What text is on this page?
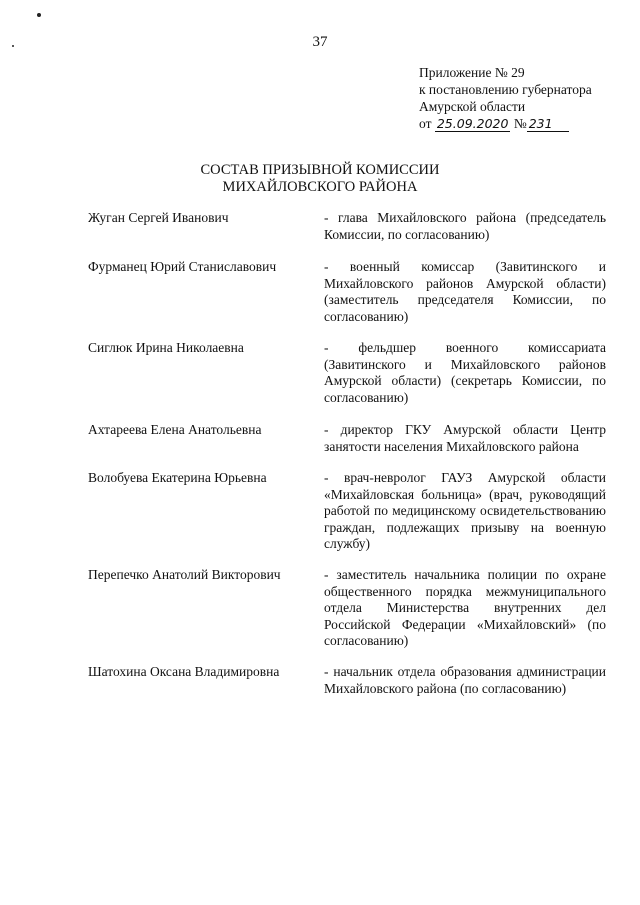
37
Приложение № 29
к постановлению губернатора
Амурской области
от 25.09.2020 № 231
СОСТАВ ПРИЗЫВНОЙ КОМИССИИ
МИХАЙЛОВСКОГО РАЙОНА
Жуган Сергей Иванович	- глава Михайловского района (председатель Комиссии, по согласованию)
Фурманец Юрий Станиславович	- военный комиссар (Завитинского и Михайловского районов Амурской области) (заместитель председателя Комиссии, по согласованию)
Сиглюк Ирина Николаевна	- фельдшер военного комиссариата (Завитинского и Михайловского районов Амурской области) (секретарь Комиссии, по согласованию)
Ахтареева Елена Анатольевна	- директор ГКУ Амурской области Центр занятости населения Михайловского района
Волобуева Екатерина Юрьевна	- врач-невролог ГАУЗ Амурской области «Михайловская больница» (врач, руководящий работой по медицинскому освидетельствованию граждан, подлежащих призыву на военную службу)
Перепечко Анатолий Викторович	- заместитель начальника полиции по охране общественного порядка межмуниципального отдела Министерства внутренних дел Российской Федерации «Михайловский» (по согласованию)
Шатохина Оксана Владимировна	- начальник отдела образования администрации Михайловского района (по согласованию)
